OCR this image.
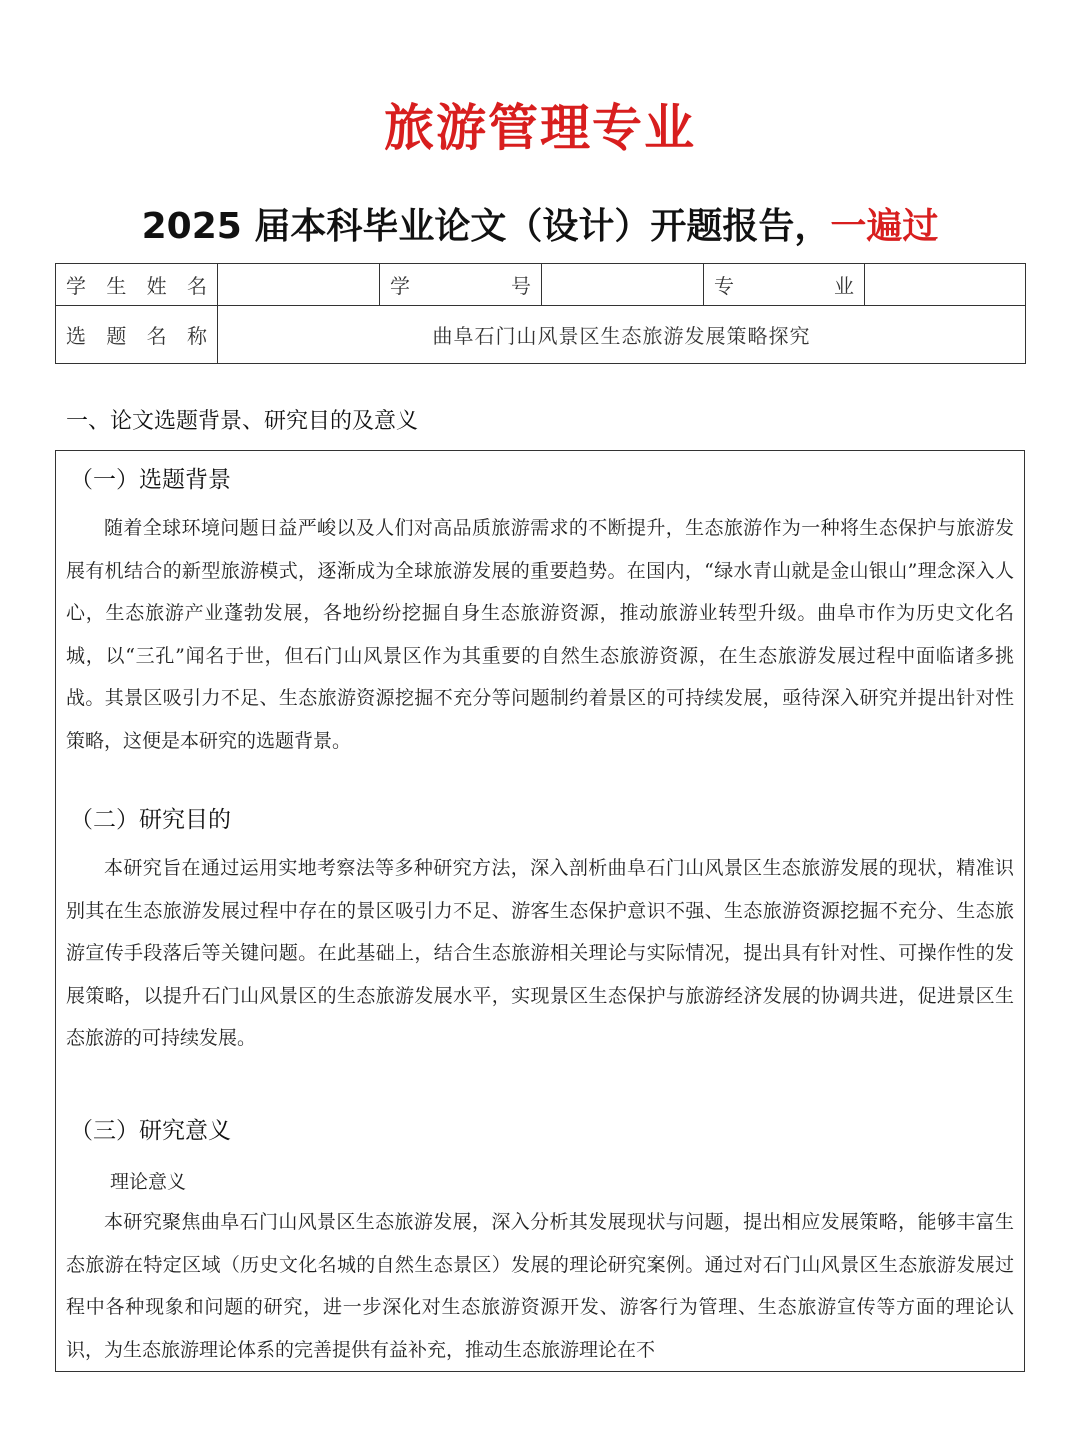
旅游管理专业
2025 届本科毕业论文（设计）开题报告，一遍过
学生姓名		学号		专业	
选题名称	曲阜石门山风景区生态旅游发展策略探究				
一、论文选题背景、研究目的及意义
（一）选题背景

随着全球环境问题日益严峻以及人们对高品质旅游需求的不断提升，生态旅游作为一种将生态保护与旅游发展有机结合的新型旅游模式，逐渐成为全球旅游发展的重要趋势。在国内，“绿水青山就是金山银山”理念深入人心，生态旅游产业蓬勃发展，各地纷纷挖掘自身生态旅游资源，推动旅游业转型升级。曲阜市作为历史文化名城，以“三孔”闻名于世，但石门山风景区作为其重要的自然生态旅游资源，在生态旅游发展过程中面临诸多挑战。其景区吸引力不足、生态旅游资源挖掘不充分等问题制约着景区的可持续发展，亟待深入研究并提出针对性策略，这便是本研究的选题背景。

（二）研究目的

本研究旨在通过运用实地考察法等多种研究方法，深入剖析曲阜石门山风景区生态旅游发展的现状，精准识别其在生态旅游发展过程中存在的景区吸引力不足、游客生态保护意识不强、生态旅游资源挖掘不充分、生态旅游宣传手段落后等关键问题。在此基础上，结合生态旅游相关理论与实际情况，提出具有针对性、可操作性的发展策略，以提升石门山风景区的生态旅游发展水平，实现景区生态保护与旅游经济发展的协调共进，促进景区生态旅游的可持续发展。

（三）研究意义
理论意义

本研究聚焦曲阜石门山风景区生态旅游发展，深入分析其发展现状与问题，提出相应发展策略，能够丰富生态旅游在特定区域（历史文化名城的自然生态景区）发展的理论研究案例。通过对石门山风景区生态旅游发展过程中各种现象和问题的研究，进一步深化对生态旅游资源开发、游客行为管理、生态旅游宣传等方面的理论认识，为生态旅游理论体系的完善提供有益补充，推动生态旅游理论在不
